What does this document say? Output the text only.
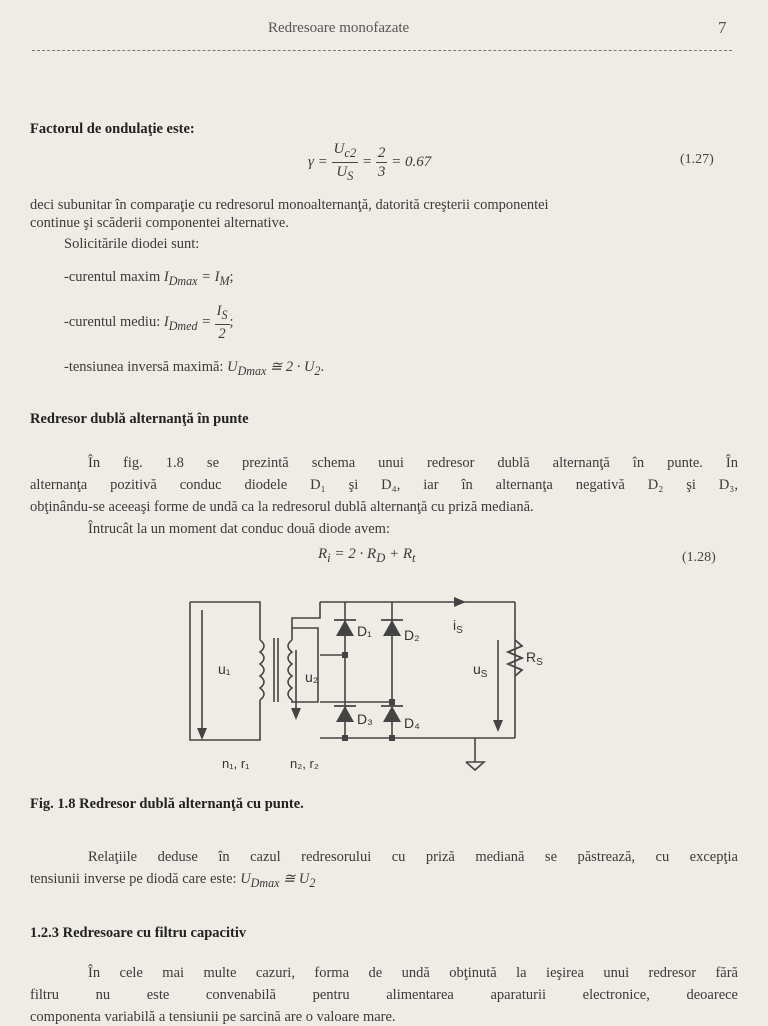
Redresoare monofazate	7
Factorul de ondulaţie este:
$\gamma = \frac{U_{c2}}{U_S} = \frac{2}{3} = 0.67$	(1.27)
deci subunitar în comparaţie cu redresorul monoalternanţă, datorită creşterii componentei
continue şi scăderii componentei alternative.
Solicitările diodei sunt:
-curentul maxim $I_{Dmax} = I_M$;
-curentul mediu: $I_{Dmed} = \frac{I_S}{2}$ ;
-tensiunea inversă maximă: $U_{Dmax}$ ≅ $2 \cdot U_2$.
Redresor dublă alternanţă în punte
În fig. 1.8 se prezintă schema unui redresor dublă alternanţă în punte. În
alternanţa pozitivă conduc diodele D₁ şi D₄, iar în alternanţa negativă D₂ şi D₃,
obţinându-se aceeaşi forme de undă ca la redresorul dublă alternanţă cu priză mediană.
Întrucât la un moment dat conduc două diode avem:
$R_i = 2 \cdot R_D + R_t$	(1.28)
u₁	u₂
n₁, r₁	n₂, r₂
D₁ D₂
D₃ D₄
$i_S$
$u_S$
$R_S$
Fig. 1.8 Redresor dublă alternanţă cu punte.
Relaţiile deduse în cazul redresorului cu priză mediană se păstrează, cu excepţia
tensiunii inverse pe diodă care este: $U_{Dmax}$ ≅ $U_2$
1.2.3 Redresoare cu filtru capacitiv
În cele mai multe cazuri, forma de undă obţinută la ieşirea unui redresor fără
filtru nu este convenabilă pentru alimentarea aparaturii electronice, deoarece
componenta variabilă a tensiunii pe sarcină are o valoare mare.
